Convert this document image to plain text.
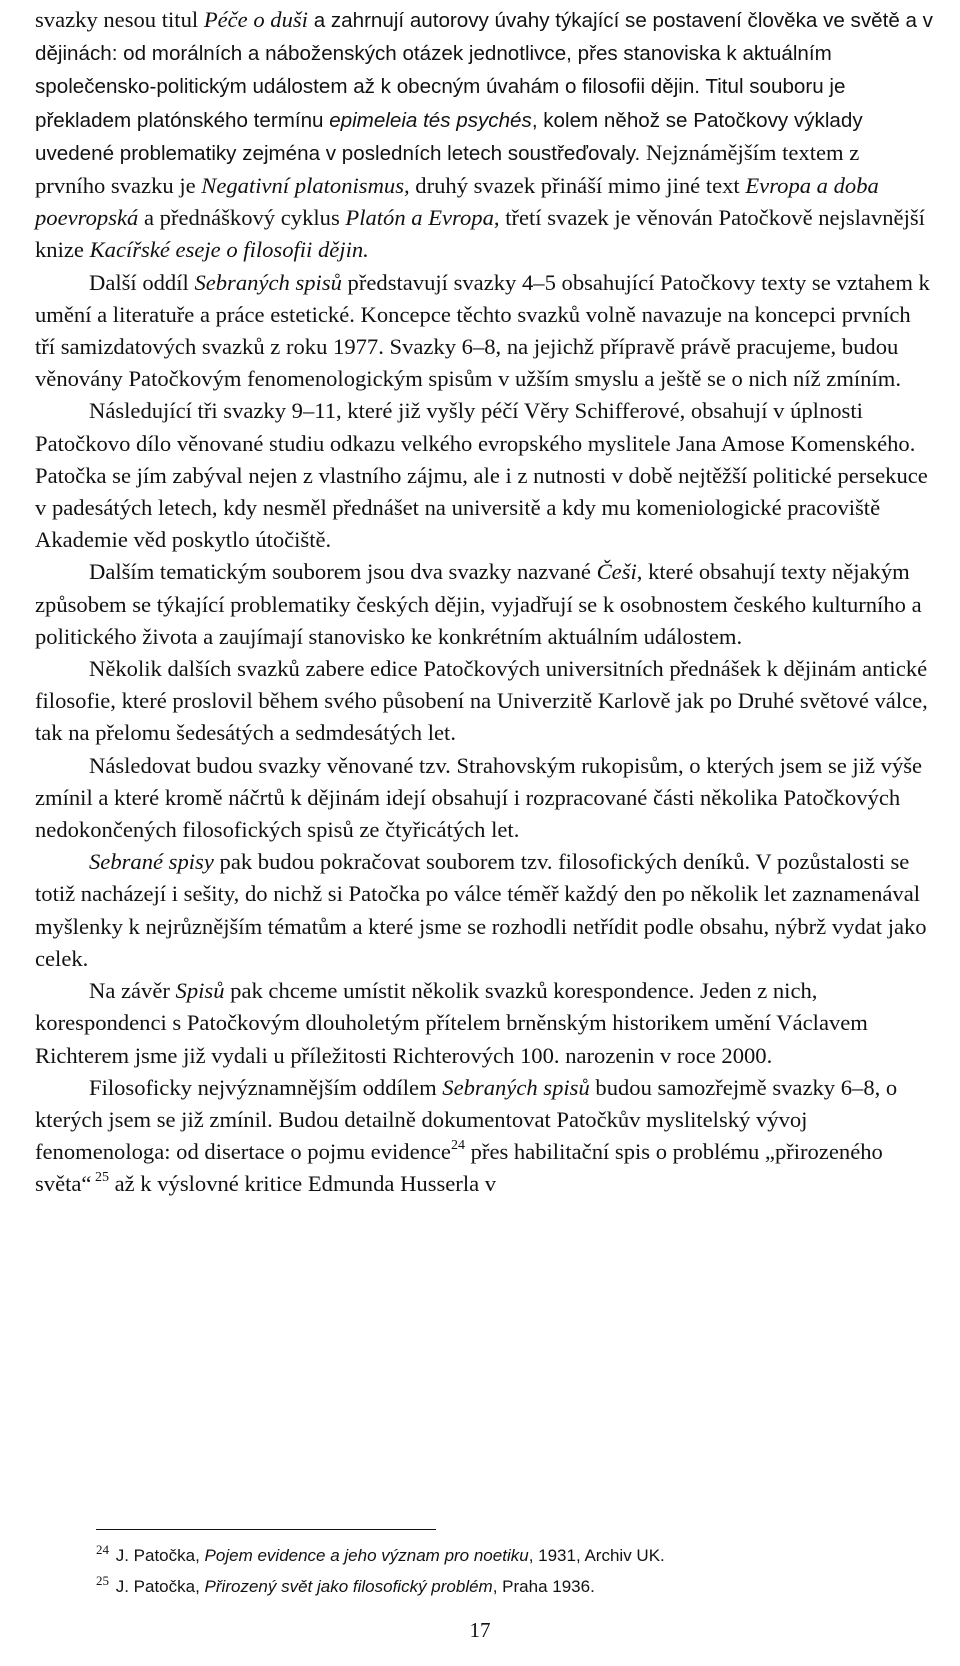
svazky nesou titul Péče o duši a zahrnují autorovy úvahy týkající se postavení člověka ve světě a v dějinách: od morálních a náboženských otázek jednotlivce, přes stanoviska k aktuálním společensko-politickým událostem až k obecným úvahám o filosofii dějin. Titul souboru je překladem platónského termínu epimeleia tés psychés, kolem něhož se Patočkovy výklady uvedené problematiky zejména v posledních letech soustřeďovaly. Nejznámějším textem z prvního svazku je Negativní platonismus, druhý svazek přináší mimo jiné text Evropa a doba poevropská a přednáškový cyklus Platón a Evropa, třetí svazek je věnován Patočkově nejslavnější knize Kacířské eseje o filosofii dějin.

Další oddíl Sebraných spisů představují svazky 4–5 obsahující Patočkovy texty se vztahem k umění a literatuře a práce estetické. Koncepce těchto svazků volně navazuje na koncepci prvních tří samizdatových svazků z roku 1977. Svazky 6–8, na jejichž přípravě právě pracujeme, budou věnovány Patočkovým fenomenologickým spisům v užším smyslu a ještě se o nich níž zmíním.

Následující tři svazky 9–11, které již vyšly péčí Věry Schifferové, obsahují v úplnosti Patočkovo dílo věnované studiu odkazu velkého evropského myslitele Jana Amose Komenského. Patočka se jím zabýval nejen z vlastního zájmu, ale i z nutnosti v době nejtěžší politické persekuce v padesátých letech, kdy nesměl přednášet na universitě a kdy mu komeniologické pracoviště Akademie věd poskytlo útočiště.

Dalším tematickým souborem jsou dva svazky nazvané Češi, které obsahují texty nějakým způsobem se týkající problematiky českých dějin, vyjadřují se k osobnostem českého kulturního a politického života a zaujímají stanovisko ke konkrétním aktuálním událostem.

Několik dalších svazků zabere edice Patočkových universitních přednášek k dějinám antické filosofie, které proslovil během svého působení na Univerzitě Karlově jak po Druhé světové válce, tak na přelomu šedesátých a sedmdesátých let.

Následovat budou svazky věnované tzv. Strahovským rukopisům, o kterých jsem se již výše zmínil a které kromě náčrtů k dějinám idejí obsahují i rozpracované části několika Patočkových nedokončených filosofických spisů ze čtyřicátých let.

Sebrané spisy pak budou pokračovat souborem tzv. filosofických deníků. V pozůstalosti se totiž nacházejí i sešity, do nichž si Patočka po válce téměř každý den po několik let zaznamenával myšlenky k nejrůznějším tématům a které jsme se rozhodli netřídit podle obsahu, nýbrž vydat jako celek.

Na závěr Spisů pak chceme umístit několik svazků korespondence. Jeden z nich, korespondenci s Patočkovým dlouholetým přítelem brněnským historikem umění Václavem Richterem jsme již vydali u příležitosti Richterových 100. narozenin v roce 2000.

Filosoficky nejvýznamnějším oddílem Sebraných spisů budou samozřejmě svazky 6–8, o kterých jsem se již zmínil. Budou detailně dokumentovat Patočkův myslitelský vývoj fenomenologa: od disertace o pojmu evidence$^{24}$ přes habilitační spis o problému „přirozeného světa“ $^{25}$ až k výslovné kritice Edmunda Husserla v

$^{24}$ J. Patočka, Pojem evidence a jeho význam pro noetiku, 1931, Archiv UK.

$^{25}$ J. Patočka, Přirozený svět jako filosofický problém, Praha 1936.

17
